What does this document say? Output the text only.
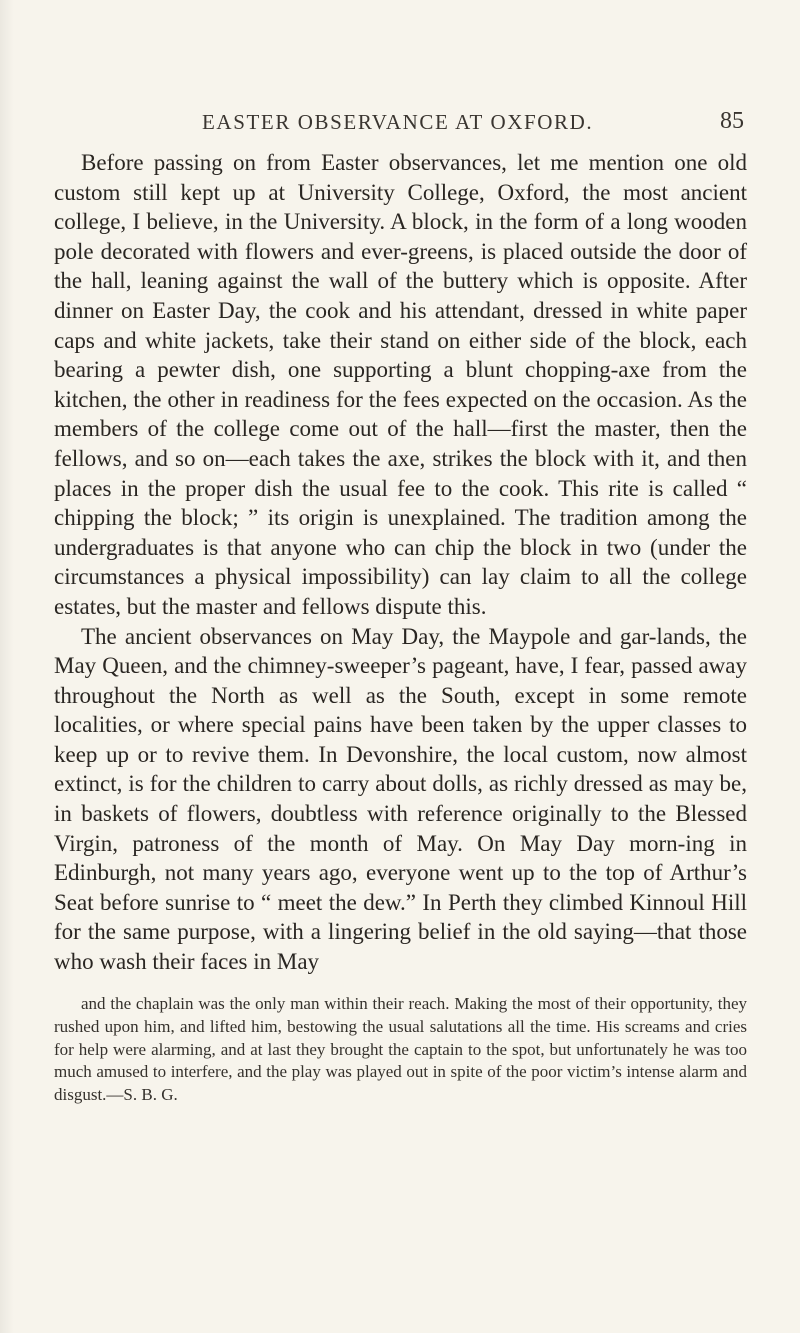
EASTER OBSERVANCE AT OXFORD.	85

Before passing on from Easter observances, let me mention one old custom still kept up at University College, Oxford, the most ancient college, I believe, in the University. A block, in the form of a long wooden pole decorated with flowers and ever-greens, is placed outside the door of the hall, leaning against the wall of the buttery which is opposite. After dinner on Easter Day, the cook and his attendant, dressed in white paper caps and white jackets, take their stand on either side of the block, each bearing a pewter dish, one supporting a blunt chopping-axe from the kitchen, the other in readiness for the fees expected on the occasion. As the members of the college come out of the hall—first the master, then the fellows, and so on—each takes the axe, strikes the block with it, and then places in the proper dish the usual fee to the cook. This rite is called “ chipping the block; ” its origin is unexplained. The tradition among the undergraduates is that anyone who can chip the block in two (under the circumstances a physical impossibility) can lay claim to all the college estates, but the master and fellows dispute this.

The ancient observances on May Day, the Maypole and gar-lands, the May Queen, and the chimney-sweeper’s pageant, have, I fear, passed away throughout the North as well as the South, except in some remote localities, or where special pains have been taken by the upper classes to keep up or to revive them. In Devonshire, the local custom, now almost extinct, is for the children to carry about dolls, as richly dressed as may be, in baskets of flowers, doubtless with reference originally to the Blessed Virgin, patroness of the month of May. On May Day morn-ing in Edinburgh, not many years ago, everyone went up to the top of Arthur’s Seat before sunrise to “ meet the dew.” In Perth they climbed Kinnoul Hill for the same purpose, with a lingering belief in the old saying—that those who wash their faces in May

and the chaplain was the only man within their reach. Making the most of their opportunity, they rushed upon him, and lifted him, bestowing the usual salutations all the time. His screams and cries for help were alarming, and at last they brought the captain to the spot, but unfortunately he was too much amused to interfere, and the play was played out in spite of the poor victim’s intense alarm and disgust.—S. B. G.
